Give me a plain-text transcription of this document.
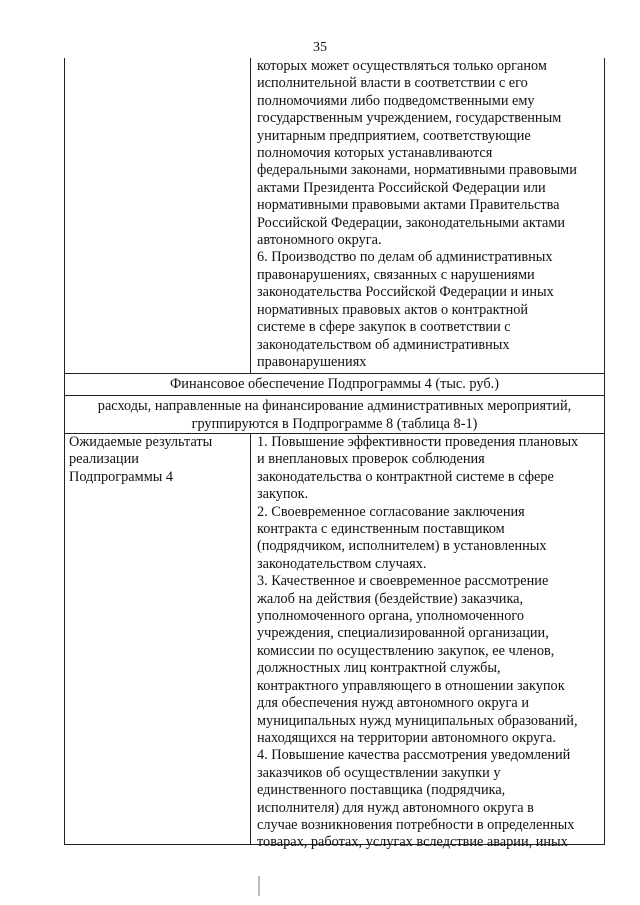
35
которых может осуществляться только органом
исполнительной власти в соответствии с его
полномочиями либо подведомственными ему
государственным учреждением, государственным
унитарным предприятием, соответствующие
полномочия которых устанавливаются
федеральными законами, нормативными правовыми
актами Президента Российской Федерации или
нормативными правовыми актами Правительства
Российской Федерации, законодательными актами
автономного округа.
6. Производство по делам об административных
правонарушениях, связанных с нарушениями
законодательства Российской Федерации и иных
нормативных правовых актов о контрактной
системе в сфере закупок в соответствии с
законодательством об административных
правонарушениях
Финансовое обеспечение Подпрограммы 4 (тыс. руб.)
расходы, направленные на финансирование административных мероприятий,
группируются в Подпрограмме 8 (таблица 8-1)
Ожидаемые результаты
реализации
Подпрограммы 4
1. Повышение эффективности проведения плановых
и внеплановых проверок соблюдения
законодательства о контрактной системе в сфере
закупок.
2. Своевременное согласование заключения
контракта с единственным поставщиком
(подрядчиком, исполнителем) в установленных
законодательством случаях.
3. Качественное и своевременное рассмотрение
жалоб на действия (бездействие) заказчика,
уполномоченного органа, уполномоченного
учреждения, специализированной организации,
комиссии по осуществлению закупок, ее членов,
должностных лиц контрактной службы,
контрактного управляющего в отношении закупок
для обеспечения нужд автономного округа и
муниципальных нужд муниципальных образований,
находящихся на территории автономного округа.
4. Повышение качества рассмотрения уведомлений
заказчиков об осуществлении закупки у
единственного поставщика (подрядчика,
исполнителя) для нужд автономного округа в
случае возникновения потребности в определенных
товарах, работах, услугах вследствие аварии, иных
